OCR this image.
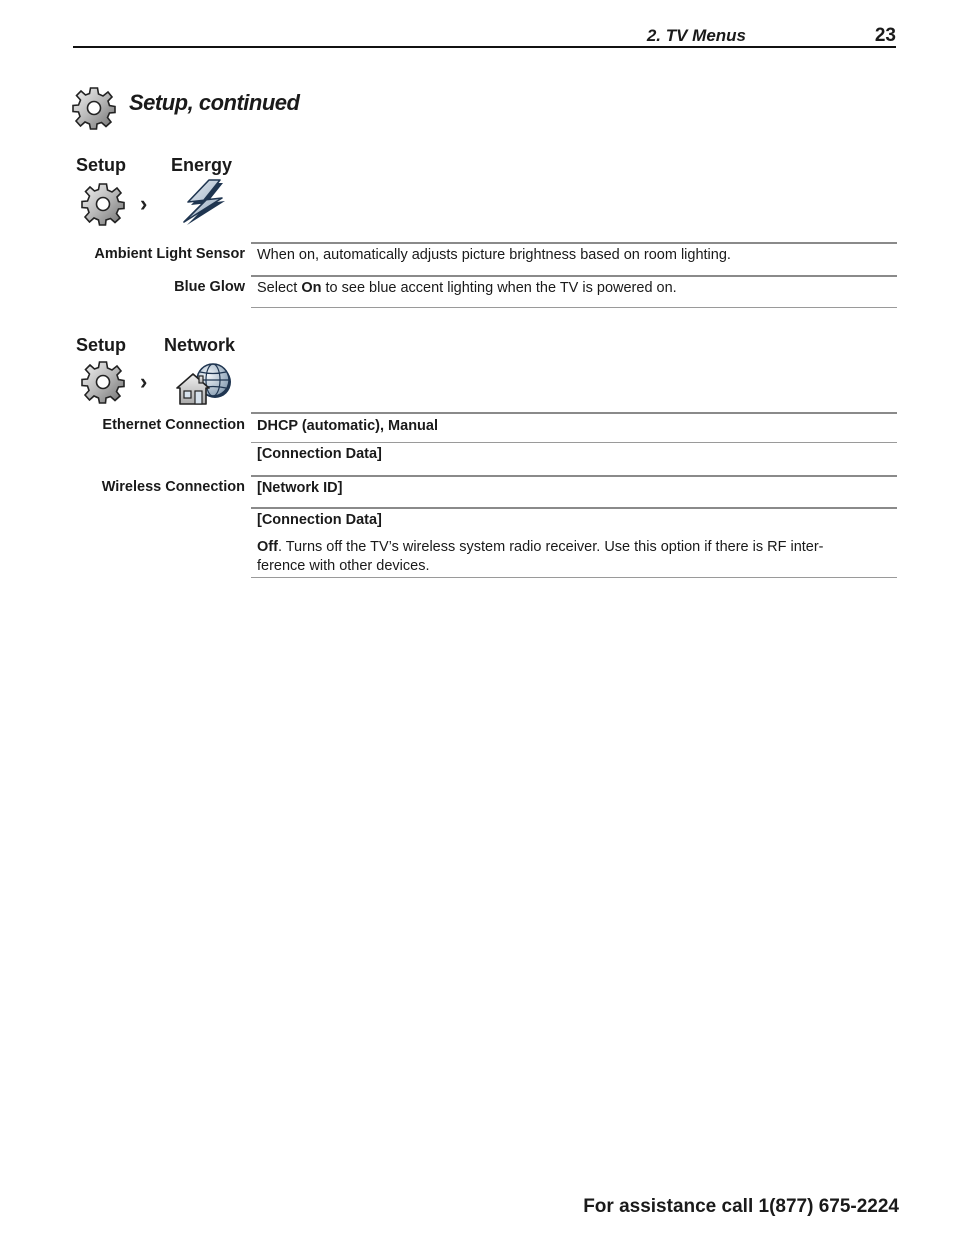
2. TV Menus	23
Setup, continued
Setup Energy
›
Ambient Light Sensor When on, automatically adjusts picture brightness based on room lighting.
Blue Glow Select On to see blue accent lighting when the TV is powered on.
Setup Network
›
Ethernet Connection DHCP (automatic), Manual
[Connection Data]
Wireless Connection [Network ID]
[Connection Data]
Off. Turns off the TV’s wireless system radio receiver. Use this option if there is RF inter-
ference with other devices.
For assistance call 1(877) 675-2224
